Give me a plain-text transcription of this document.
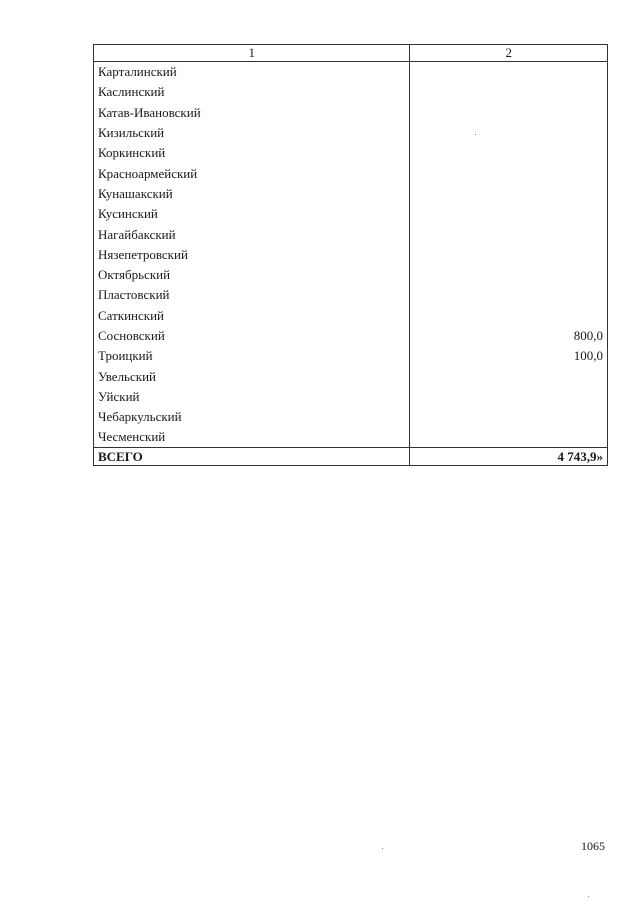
1	2
Карталинский	
Каслинский	
Катав-Ивановский	
Кизильский	
Коркинский	
Красноармейский	
Кунашакский	
Кусинский	
Нагайбакский	
Нязепетровский	
Октябрьский	
Пластовский	
Саткинский	
Сосновский	800,0
Троицкий	100,0
Увельский	
Уйский	
Чебаркульский	
Чесменский	
ВСЕГО	4 743,9»
1065
